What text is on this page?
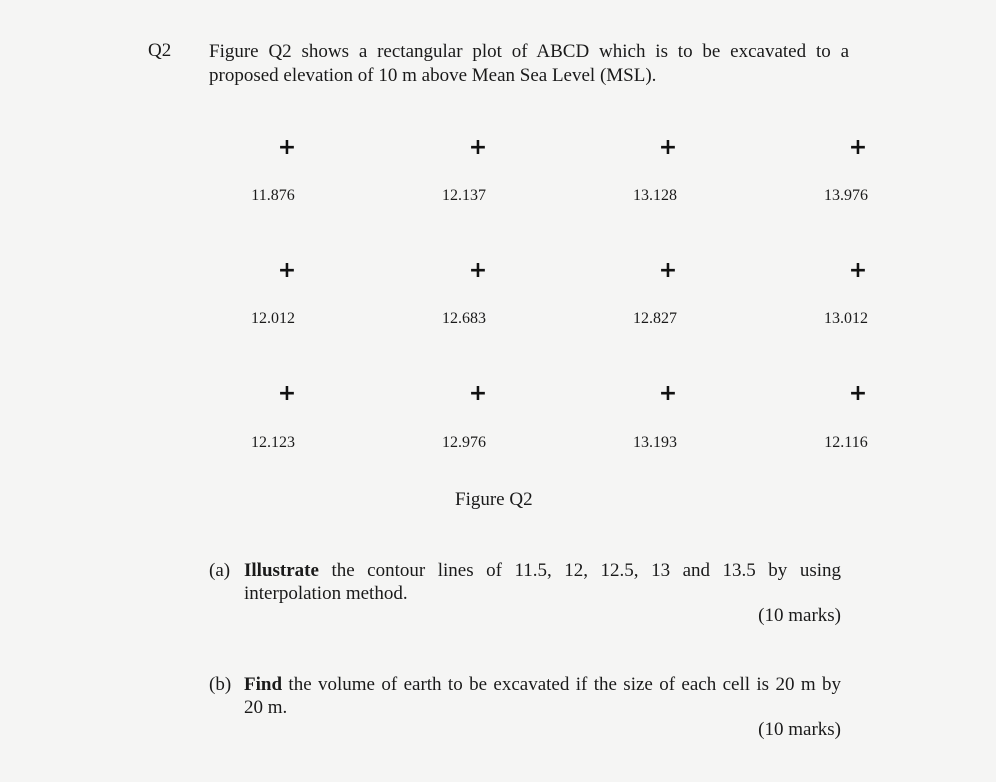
Q2 Figure Q2 shows a rectangular plot of ABCD which is to be excavated to a
proposed elevation of 10 m above Mean Sea Level (MSL).
+
11.876
+
12.137
+
13.128
+
13.976
+
12.012
+
12.683
+
12.827
+
13.012
+
12.123
+
12.976
+
13.193
+
12.116
Figure Q2
(a) Illustrate the contour lines of 11.5, 12, 12.5, 13 and 13.5 by using
interpolation method.
(10 marks)
(b) Find the volume of earth to be excavated if the size of each cell is 20 m by
20 m.
(10 marks)
